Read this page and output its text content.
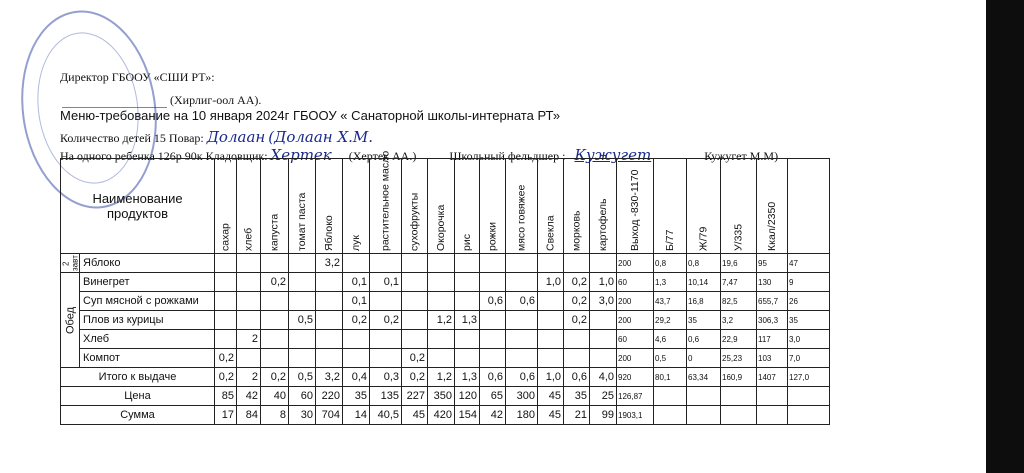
Директор ГБООУ «СШИ РТ»:
______________ (Хирлиг-оол АА).
Меню-требование на 10 января 2024г ГБООУ « Санаторной школы-интерната РТ»
Количество детей 15 Повар: Долаан (Долаан Х.М.
На одного ребенка 126р 90к Кладовщик: Хертек (Хертек АА.)	Школьный фельдшер : Кужугет	Кужугет М.М)
Наименование продуктов		сахар	хлеб	капуста	томат паста	Яблоко	лук	растительное масло	сухофрукты	Окорочка	рис	рожки	мясо говяжее	Свекла	морковь	картофель	Выход -830-1170	Б/77	Ж/79	У/335	Ккал/2350	
2 завт	Яблоко					3,2											200	0,8	0,8	19,6	95	47
Обед	Винегрет			0,2			0,1	0,1						1,0	0,2	1,0	60	1,3	10,14	7,47	130	9
	Суп мясной с рожками						0,1					0,6	0,6		0,2	3,0	200	43,7	16,8	82,5	655,7	26
	Плов из курицы				0,5		0,2	0,2		1,2	1,3				0,2		200	29,2	35	3,2	306,3	35
	Хлеб		2														60	4,6	0,6	22,9	117	3,0
	Компот	0,2							0,2								200	0,5	0	25,23	103	7,0
Итого к выдаче		0,2	2	0,2	0,5	3,2	0,4	0,3	0,2	1,2	1,3	0,6	0,6	1,0	0,6	4,0	920	80,1	63,34	160,9	1407	127,0
Цена		85	42	40	60	220	35	135	227	350	120	65	300	45	35	25	126,87					
Сумма		17	84	8	30	704	14	40,5	45	420	154	42	180	45	21	99	1903,1					
